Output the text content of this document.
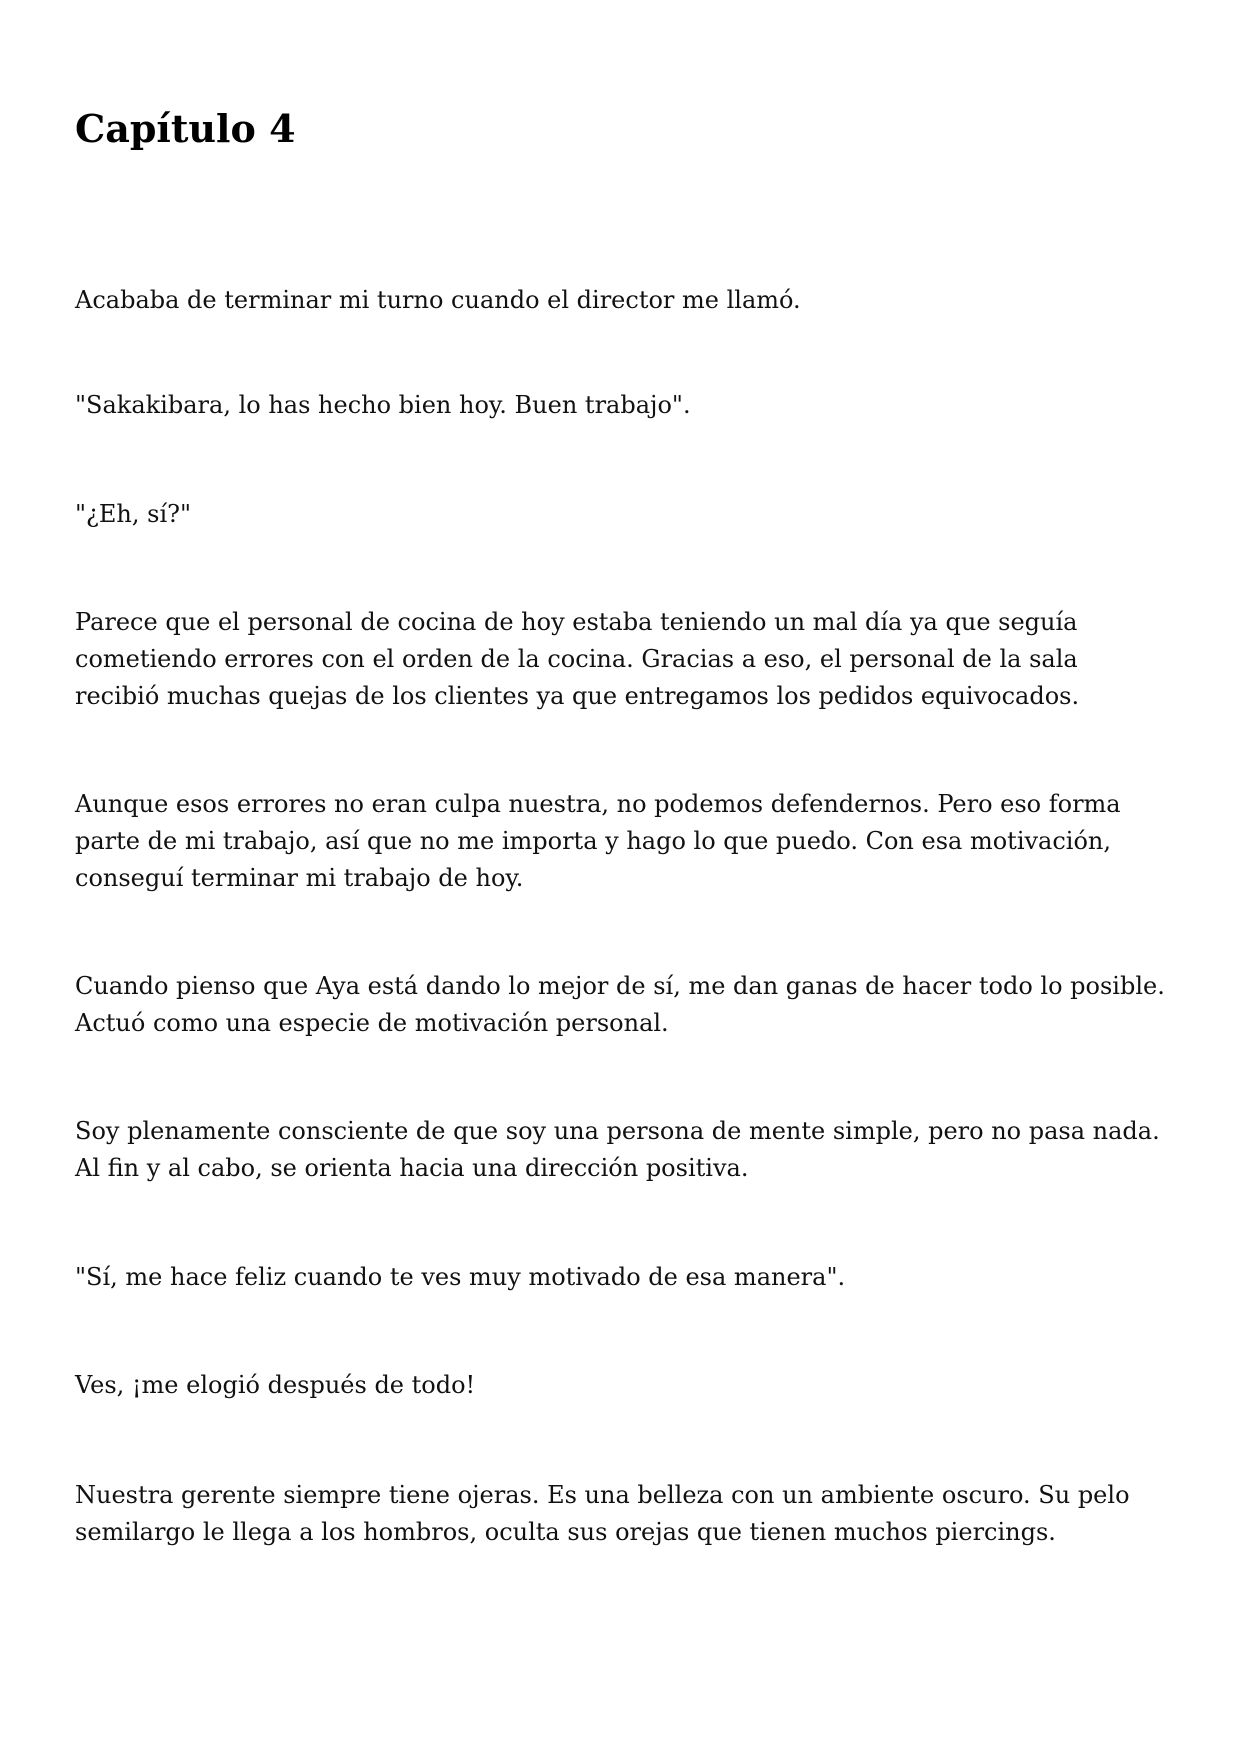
Capítulo 4

Acababa de terminar mi turno cuando el director me llamó.

"Sakakibara, lo has hecho bien hoy. Buen trabajo".

"¿Eh, sí?"

Parece que el personal de cocina de hoy estaba teniendo un mal día ya que seguía cometiendo errores con el orden de la cocina. Gracias a eso, el personal de la sala recibió muchas quejas de los clientes ya que entregamos los pedidos equivocados.

Aunque esos errores no eran culpa nuestra, no podemos defendernos. Pero eso forma parte de mi trabajo, así que no me importa y hago lo que puedo. Con esa motivación, conseguí terminar mi trabajo de hoy.

Cuando pienso que Aya está dando lo mejor de sí, me dan ganas de hacer todo lo posible. Actuó como una especie de motivación personal.

Soy plenamente consciente de que soy una persona de mente simple, pero no pasa nada. Al fin y al cabo, se orienta hacia una dirección positiva.

"Sí, me hace feliz cuando te ves muy motivado de esa manera".

Ves, ¡me elogió después de todo!

Nuestra gerente siempre tiene ojeras. Es una belleza con un ambiente oscuro. Su pelo semilargo le llega a los hombros, oculta sus orejas que tienen muchos piercings.
